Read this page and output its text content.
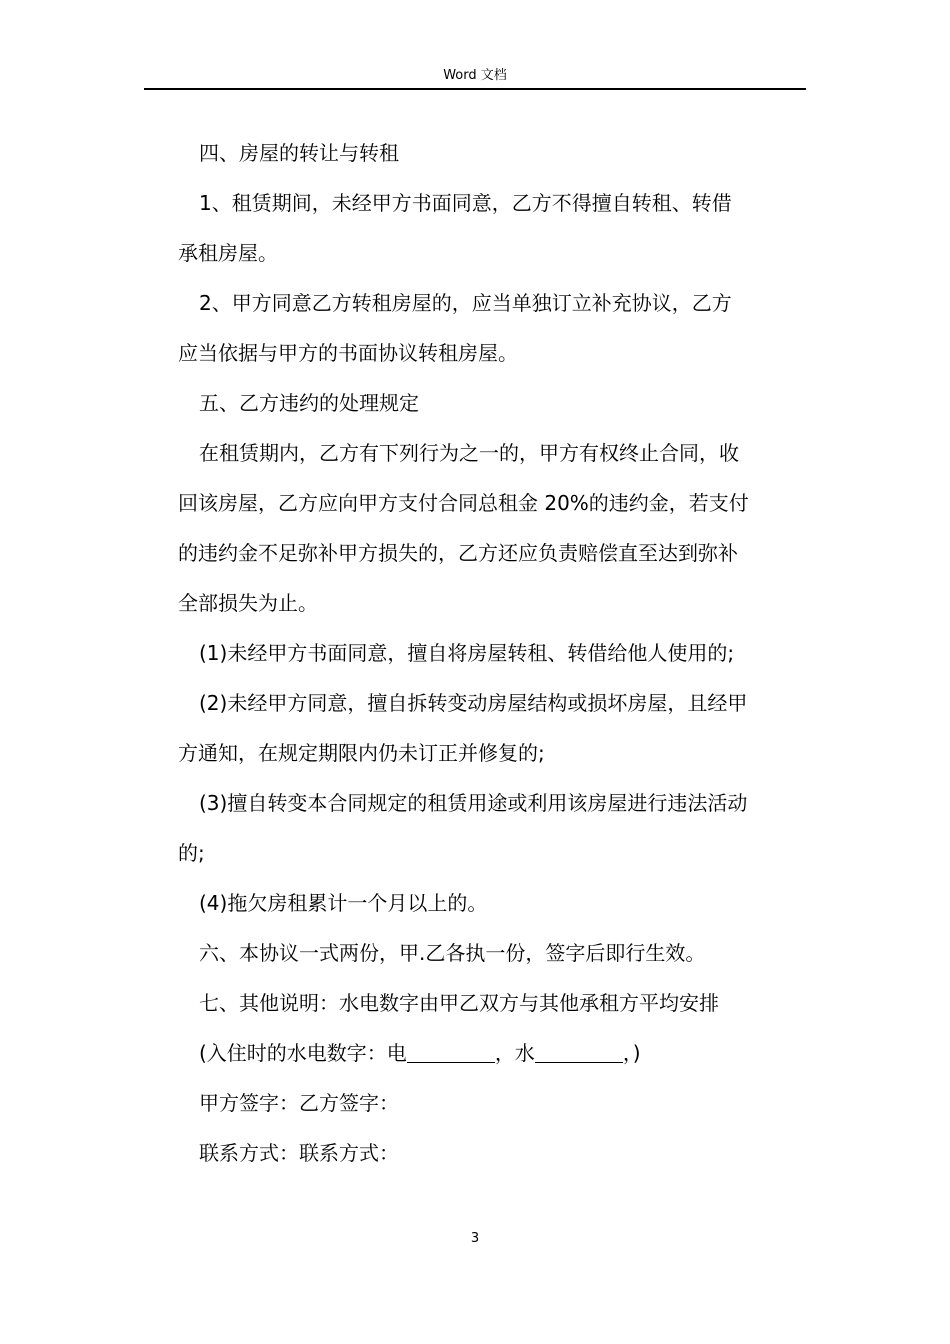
Word 文档

四、房屋的转让与转租

1、租赁期间，未经甲方书面同意，乙方不得擅自转租、转借

承租房屋。

2、甲方同意乙方转租房屋的，应当单独订立补充协议，乙方

应当依据与甲方的书面协议转租房屋。

五、乙方违约的处理规定

在租赁期内，乙方有下列行为之一的，甲方有权终止合同，收

回该房屋，乙方应向甲方支付合同总租金 20%的违约金，若支付

的违约金不足弥补甲方损失的，乙方还应负责赔偿直至达到弥补

全部损失为止。

(1)未经甲方书面同意，擅自将房屋转租、转借给他人使用的;

(2)未经甲方同意，擅自拆转变动房屋结构或损坏房屋，且经甲

方通知，在规定期限内仍未订正并修复的;

(3)擅自转变本合同规定的租赁用途或利用该房屋进行违法活动

的;

(4)拖欠房租累计一个月以上的。

六、本协议一式两份，甲.乙各执一份，签字后即行生效。

七、其他说明：水电数字由甲乙双方与其他承租方平均安排

(入住时的水电数字：电	，水	，)

甲方签字：乙方签字：

联系方式：联系方式：

3
